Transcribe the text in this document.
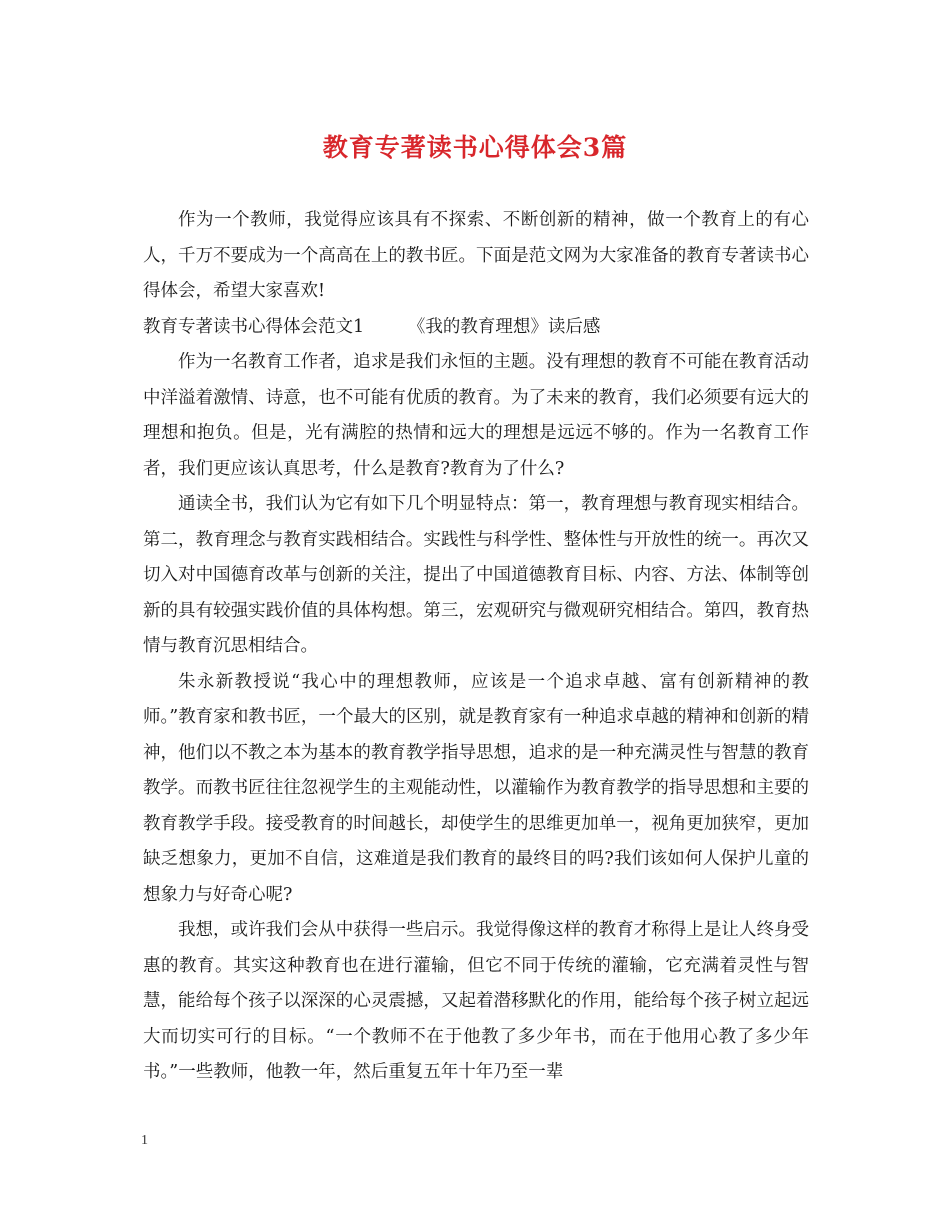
教育专著读书心得体会3篇

作为一个教师，我觉得应该具有不探索、不断创新的精神，做一个教育上的有心人，千万不要成为一个高高在上的教书匠。下面是范文网为大家准备的教育专著读书心得体会，希望大家喜欢!

教育专著读书心得体会范文1　　　《我的教育理想》读后感

作为一名教育工作者，追求是我们永恒的主题。没有理想的教育不可能在教育活动中洋溢着激情、诗意，也不可能有优质的教育。为了未来的教育，我们必须要有远大的理想和抱负。但是，光有满腔的热情和远大的理想是远远不够的。作为一名教育工作者，我们更应该认真思考，什么是教育?教育为了什么?

通读全书，我们认为它有如下几个明显特点：第一，教育理想与教育现实相结合。第二，教育理念与教育实践相结合。实践性与科学性、整体性与开放性的统一。再次又切入对中国德育改革与创新的关注，提出了中国道德教育目标、内容、方法、体制等创新的具有较强实践价值的具体构想。第三，宏观研究与微观研究相结合。第四，教育热情与教育沉思相结合。

朱永新教授说“我心中的理想教师，应该是一个追求卓越、富有创新精神的教师。”教育家和教书匠，一个最大的区别，就是教育家有一种追求卓越的精神和创新的精神，他们以不教之本为基本的教育教学指导思想，追求的是一种充满灵性与智慧的教育教学。而教书匠往往忽视学生的主观能动性，以灌输作为教育教学的指导思想和主要的教育教学手段。接受教育的时间越长，却使学生的思维更加单一，视角更加狭窄，更加缺乏想象力，更加不自信，这难道是我们教育的最终目的吗?我们该如何人保护儿童的想象力与好奇心呢?

我想，或许我们会从中获得一些启示。我觉得像这样的教育才称得上是让人终身受惠的教育。其实这种教育也在进行灌输，但它不同于传统的灌输，它充满着灵性与智慧，能给每个孩子以深深的心灵震撼，又起着潜移默化的作用，能给每个孩子树立起远大而切实可行的目标。“一个教师不在于他教了多少年书，而在于他用心教了多少年书。”一些教师，他教一年，然后重复五年十年乃至一辈

1
